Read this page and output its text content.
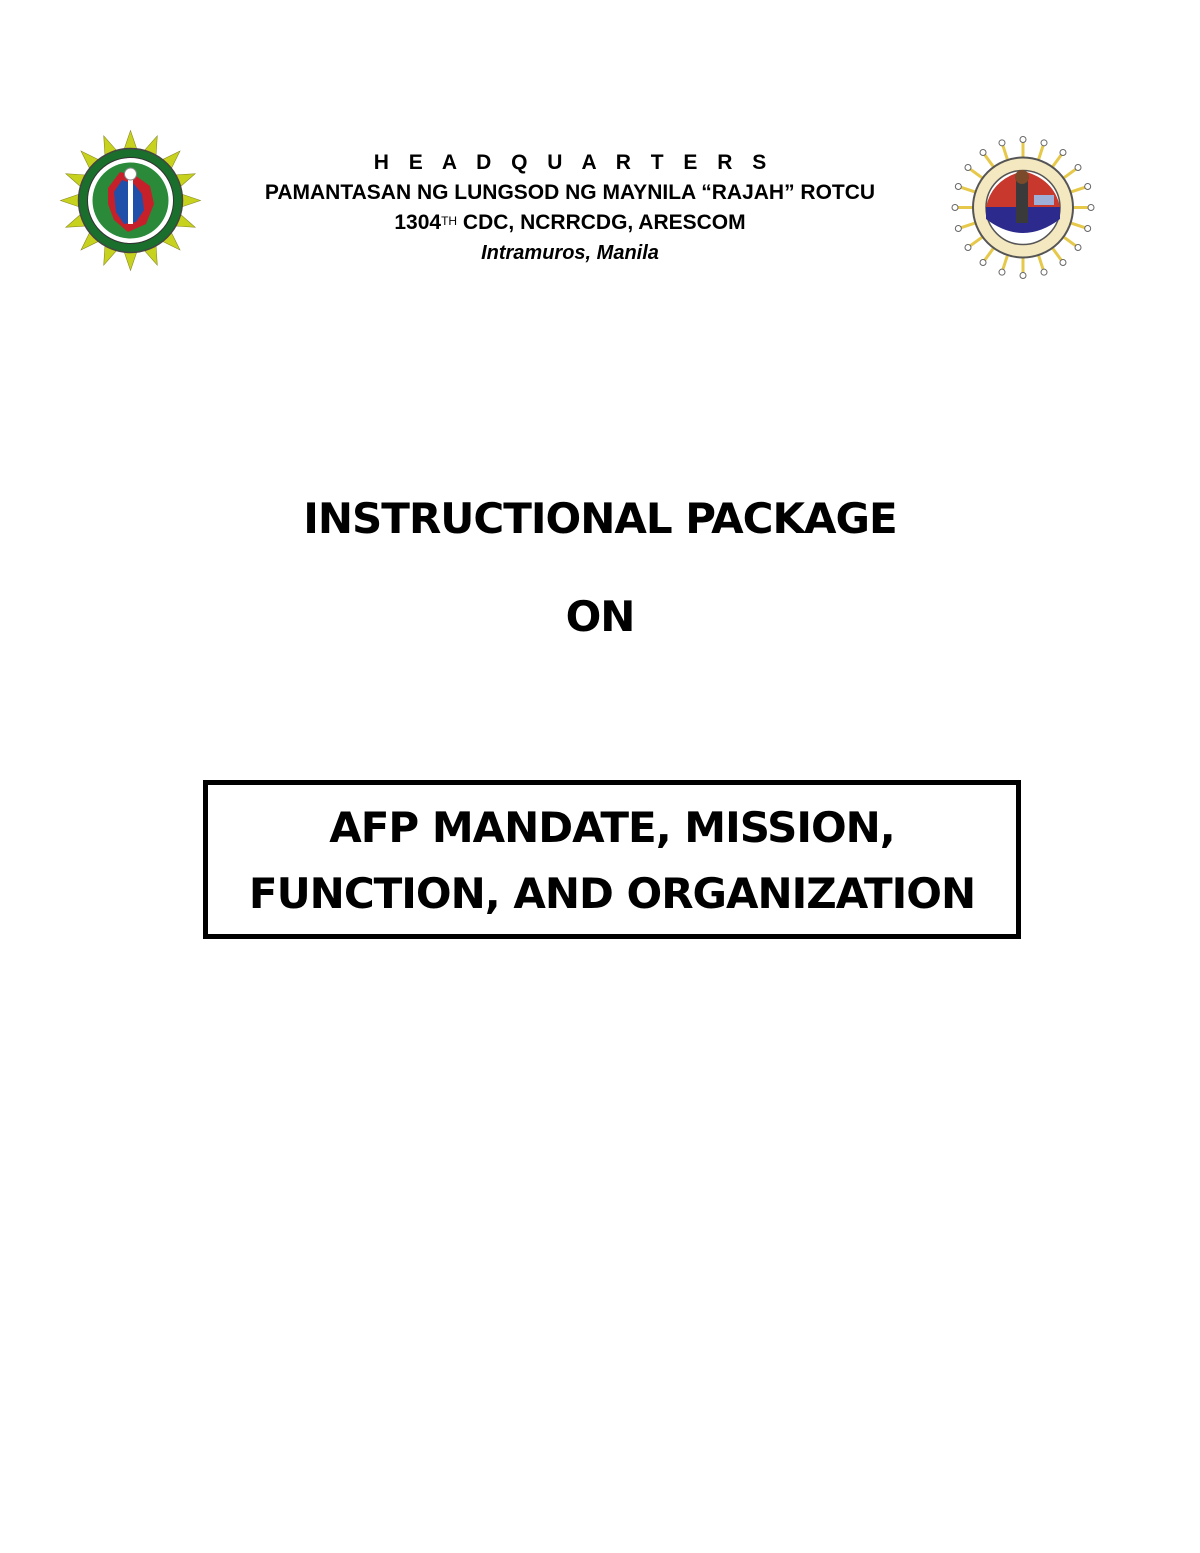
H E A D Q U A R T E R S
PAMANTASAN NG LUNGSOD NG MAYNILA “RAJAH” ROTCU
1304TH CDC, NCRRCDG, ARESCOM
Intramuros, Manila
INSTRUCTIONAL PACKAGE
ON
AFP MANDATE, MISSION,
FUNCTION, AND ORGANIZATION
